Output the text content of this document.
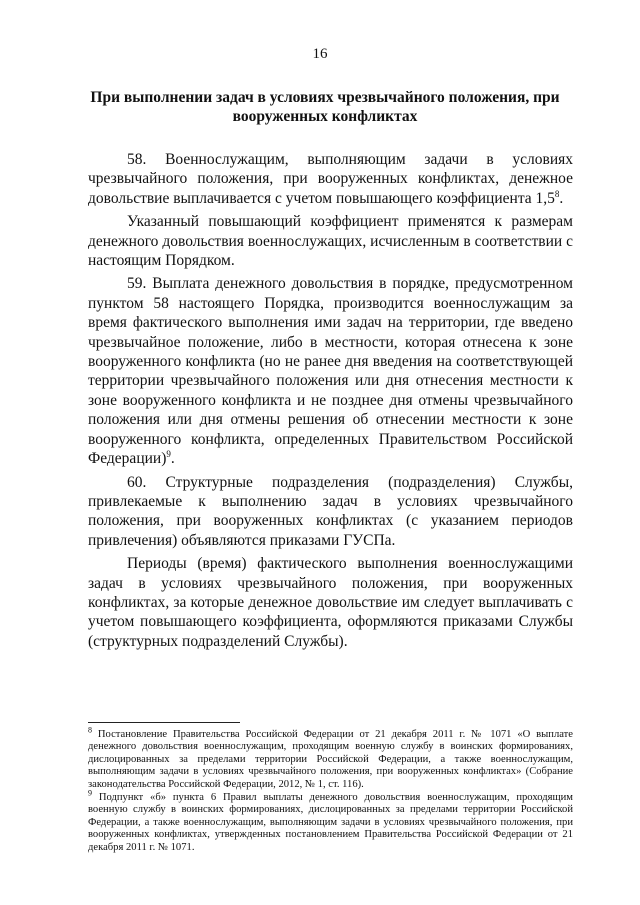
16
При выполнении задач в условиях чрезвычайного положения, при вооруженных конфликтах

58. Военнослужащим, выполняющим задачи в условиях чрезвычайного положения, при вооруженных конфликтах, денежное довольствие выплачивается с учетом повышающего коэффициента $1,5^8$.

Указанный повышающий коэффициент применятся к размерам денежного довольствия военнослужащих, исчисленным в соответствии с настоящим Порядком.

59. Выплата денежного довольствия в порядке, предусмотренном пунктом 58 настоящего Порядка, производится военнослужащим за время фактического выполнения ими задач на территории, где введено чрезвычайное положение, либо в местности, которая отнесена к зоне вооруженного конфликта (но не ранее дня введения на соответствующей территории чрезвычайного положения или дня отнесения местности к зоне вооруженного конфликта и не позднее дня отмены чрезвычайного положения или дня отмены решения об отнесении местности к зоне вооруженного конфликта, определенных Правительством Российской Федерации)$^9$.

60. Структурные подразделения (подразделения) Службы, привлекаемые к выполнению задач в условиях чрезвычайного положения, при вооруженных конфликтах (с указанием периодов привлечения) объявляются приказами ГУСПа.

Периоды (время) фактического выполнения военнослужащими задач в условиях чрезвычайного положения, при вооруженных конфликтах, за которые денежное довольствие им следует выплачивать с учетом повышающего коэффициента, оформляются приказами Службы (структурных подразделений Службы).

$^8$ Постановление Правительства Российской Федерации от 21 декабря 2011 г. № 1071 «О выплате денежного довольствия военнослужащим, проходящим военную службу в воинских формированиях, дислоцированных за пределами территории Российской Федерации, а также военнослужащим, выполняющим задачи в условиях чрезвычайного положения, при вооруженных конфликтах» (Собрание законодательства Российской Федерации, 2012, № 1, ст. 116).

$^9$ Подпункт «б» пункта 6 Правил выплаты денежного довольствия военнослужащим, проходящим военную службу в воинских формированиях, дислоцированных за пределами территории Российской Федерации, а также военнослужащим, выполняющим задачи в условиях чрезвычайного положения, при вооруженных конфликтах, утвержденных постановлением Правительства Российской Федерации от 21 декабря 2011 г. № 1071.
